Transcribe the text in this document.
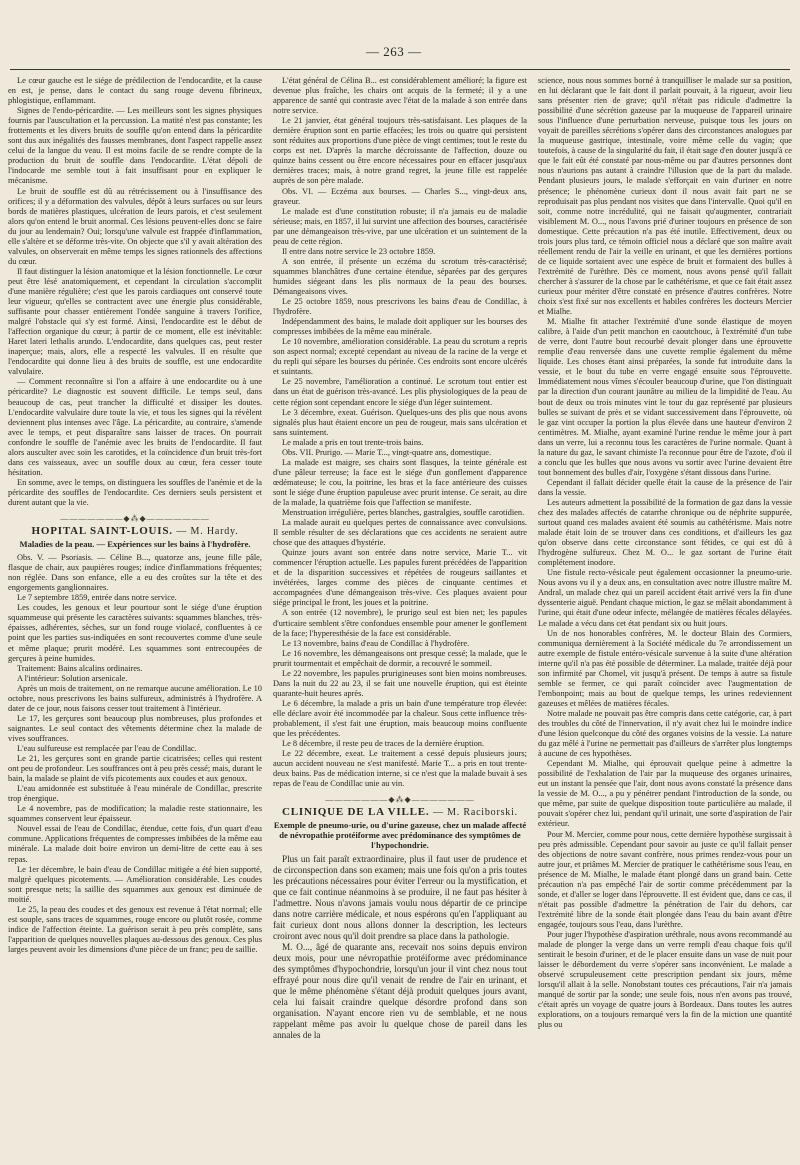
— 263 —

Le cœur gauche est le siége de prédilection de l'endocardite, et la cause en est, je pense, dans le contact du sang rouge devenu fibrineux, phlogistique, enflammant.

Signes de l'endo-péricardite. — Les meilleurs sont les signes physiques fournis par l'auscultation et la percussion. La matité n'est pas constante; les frottements et les divers bruits de souffle qu'on entend dans la péricardite sont dus aux inégalités des fausses membranes, dont l'aspect rappelle assez celui de la langue du veau. Il est moins facile de se rendre compte de la production du bruit de souffle dans l'endocardite. L'état dépoli de l'indocarde me semble tout à fait insuffisant pour en expliquer le mécanisme.

Le bruit de souffle est dû au rétrécissement ou à l'insuffisance des orifices; il y a déformation des valvules, dépôt à leurs surfaces ou sur leurs bords de matières plastiques, ulcération de leurs parois, et c'est seulement alors qu'on entend le bruit anormal. Ces lésions peuvent-elles donc se faire du jour au lendemain? Oui; lorsqu'une valvule est frappée d'inflammation, elle s'altère et se déforme très-vite. On objecte que s'il y avait altération des valvules, on observerait en même temps les signes rationnels des affections du cœur.

Il faut distinguer la lésion anatomique et la lésion fonctionnelle. Le cœur peut être lésé anatomiquement, et cependant la circulation s'accomplit d'une manière régulière; c'est que les parois cardiaques ont conservé toute leur vigueur, qu'elles se contractent avec une énergie plus considérable, suffisante pour chasser entièrement l'ondée sanguine à travers l'orifice, malgré l'obstacle qui s'y est formé. Ainsi, l'endocardite est le début de l'affection organique du cœur; à partir de ce moment, elle est inévitable: Haret lateri lethalis arundo. L'endocardite, dans quelques cas, peut rester inaperçue; mais, alors, elle a respecté les valvules. Il en résulte que l'endocardite qui donne lieu à des bruits de souffle, est une endocardite valvulaire.

— Comment reconnaître si l'on a affaire à une endocardite ou à une péricardite? Le diagnostic est souvent difficile. Le temps seul, dans beaucoup de cas, peut trancher la difficulté et dissiper les doutes. L'endocardite valvulaire dure toute la vie, et tous les signes qui la révèlent deviennent plus intenses avec l'âge. La péricardite, au contraire, s'amende avec le temps, et peut disparaître sans laisser de traces. On pourrait confondre le souffle de l'anémie avec les bruits de l'endocardite. Il faut alors ausculter avec soin les carotides, et la coïncidence d'un bruit très-fort dans ces vaisseaux, avec un souffle doux au cœur, fera cesser toute hésitation.

En somme, avec le temps, on distinguera les souffles de l'anémie et de la péricardite des souffles de l'endocardite. Ces derniers seuls persistent et durent autant que la vie.

———————◆⁂◆———————
HOPITAL SAINT-LOUIS. — M. Hardy.
Maladies de la peau. — Expériences sur les bains à l'hydrofère.

Obs. V. — Psoriasis. — Céline B..., quatorze ans, jeune fille pâle, flasque de chair, aux paupières rouges; indice d'inflammations fréquentes; non réglée. Dans son enfance, elle a eu des croûtes sur la tête et des engorgements ganglionnaires.

Le 7 septembre 1859, entrée dans notre service.

Les coudes, les genoux et leur pourtour sont le siége d'une éruption squammeuse qui présente les caractères suivants: squammes blanches, très-épaisses, adhérentes, sèches, sur un fond rouge violacé, confluentes à ce point que les parties sus-indiquées en sont recouvertes comme d'une seule et même plaque; prurit modéré. Les squammes sont entrecoupées de gerçures à peine humides.

Traitement: Bains alcalins ordinaires.

A l'intérieur: Solution arsenicale.

Après un mois de traitement, on ne remarque aucune amélioration. Le 10 octobre, nous prescrivons les bains sulfureux, administrés à l'hydrofère. A dater de ce jour, nous faisons cesser tout traitement à l'intérieur.

Le 17, les gerçures sont beaucoup plus nombreuses, plus profondes et saignantes. Le seul contact des vêtements détermine chez la malade de vives souffrances.

L'eau sulfureuse est remplacée par l'eau de Condillac.

Le 21, les gerçures sont en grande partie cicatrisées; celles qui restent ont peu de profondeur. Les souffrances ont à peu près cessé; mais, durant le bain, la malade se plaint de vifs picotements aux coudes et aux genoux.

L'eau amidonnée est substituée à l'eau minérale de Condillac, prescrite trop énergique.

Le 4 novembre, pas de modification; la maladie reste stationnaire, les squammes conservent leur épaisseur.

Nouvel essai de l'eau de Condillac, étendue, cette fois, d'un quart d'eau commune. Applications fréquentes de compresses imbibées de la même eau minérale. La malade doit boire environ un demi-litre de cette eau à ses repas.

Le 1er décembre, le bain d'eau de Condillac mitigée a été bien supporté, malgré quelques picotements. — Amélioration considérable. Les coudes sont presque nets; la saillie des squammes aux genoux est diminuée de moitié.

Le 25, la peau des coudes et des genoux est revenue à l'état normal; elle est souple, sans traces de squammes, rouge encore ou plutôt rosée, comme indice de l'affection éteinte. La guérison serait à peu près complète, sans l'apparition de quelques nouvelles plaques au-dessous des genoux. Ces plus larges peuvent avoir les dimensions d'une pièce de un franc; peu de saillie.

L'état général de Célina B... est considérablement amélioré; la figure est devenue plus fraîche, les chairs ont acquis de la fermeté; il y a une apparence de santé qui contraste avec l'état de la malade à son entrée dans notre service.

Le 21 janvier, état général toujours très-satisfaisant. Les plaques de la dernière éruption sont en partie effacées; les trois ou quatre qui persistent sont réduites aux proportions d'une pièce de vingt centimes; tout le reste du corps est net. D'après la marche décroissante de l'affection, douze ou quinze bains cessent ou être encore nécessaires pour en effacer jusqu'aux dernières traces; mais, à notre grand regret, la jeune fille est rappelée auprès de son père malade.

Obs. VI. — Eczéma aux bourses. — Charles S..., vingt-deux ans, graveur.

Le malade est d'une constitution robuste; il n'a jamais eu de maladie sérieuse; mais, en 1857, il lui survint une affection des bourses, caractérisée par une démangeaison très-vive, par une ulcération et un suintement de la peau de cette région.

Il entre dans notre service le 23 octobre 1859.

A son entrée, il présente un eczéma du scrotum très-caractérisé; squammes blanchâtres d'une certaine étendue, séparées par des gerçures humides siégeant dans les plis normaux de la peau des bourses. Démangeaisons vives.

Le 25 octobre 1859, nous prescrivons les bains d'eau de Condillac, à l'hydrofère.

Indépendamment des bains, le malade doit appliquer sur les bourses des compresses imbibées de la même eau minérale.

Le 10 novembre, amélioration considérable. La peau du scrotum a repris son aspect normal; excepté cependant au niveau de la racine de la verge et du repli qui sépare les bourses du périnée. Ces endroits sont encore ulcérés et suintants.

Le 25 novembre, l'amélioration a continué. Le scrotum tout entier est dans un état de guérison très-avancé. Les plis physiologiques de la peau de cette région sont cependant encore le siége d'un léger suintement.

Le 3 décembre, exeat. Guérison. Quelques-uns des plis que nous avons signalés plus haut étaient encore un peu de rougeur, mais sans ulcération et sans suintement.

Le malade a pris en tout trente-trois bains.

Obs. VII. Prurigo. — Marie T..., vingt-quatre ans, domestique.

La malade est maigre, ses chairs sont flasques, la teinte générale est d'une pâleur terreuse; la face est le siége d'un gonflement d'apparence œdémateuse; le cou, la poitrine, les bras et la face antérieure des cuisses sont le siége d'une éruption papuleuse avec prurit intense. Ce serait, au dire de la malade, la quatrième fois que l'affection se manifeste.

Menstruation irrégulière, pertes blanches, gastralgies, souffle carotidien.

La malade aurait eu quelques pertes de connaissance avec convulsions. Il semble résulter de ses déclarations que ces accidents ne seraient autre chose que des attaques d'hystérie.

Quinze jours avant son entrée dans notre service, Marie T... vit commencer l'éruption actuelle. Les papules furent précédées de l'apparition et de la disparition successives et répétées de rougeurs saillantes et invétérées, larges comme des pièces de cinquante centimes et accompagnées d'une démangeaison très-vive. Ces plaques avaient pour siége principal le front, les joues et la poitrine.

A son entrée (12 novembre), le prurigo seul est bien net; les papules d'urticaire semblent s'être confondues ensemble pour amener le gonflement de la face; l'hyperesthésie de la face est considérable.

Le 13 novembre, bains d'eau de Condillac à l'hydrofère.

Le 16 novembre, les démangeaisons ont presque cessé; la malade, que le prurit tourmentait et empêchait de dormir, a recouvré le sommeil.

Le 22 novembre, les papules prurigineuses sont bien moins nombreuses. Dans la nuit du 22 au 23, il se fait une nouvelle éruption, qui est éteinte quarante-huit heures après.

Le 6 décembre, la malade a pris un bain d'une température trop élevée: elle déclare avoir été incommodée par la chaleur. Sous cette influence très-probablement, il s'est fait une éruption, mais beaucoup moins confluente que les précédentes.

Le 8 décembre, il reste peu de traces de la dernière éruption.

Le 22 décembre, exeat. Le traitement a cessé depuis plusieurs jours; aucun accident nouveau ne s'est manifesté. Marie T... a pris en tout trente-deux bains. Pas de médication interne, si ce n'est que la malade buvait à ses repas de l'eau de Condillac unie au vin.

———————◆⁂◆———————
CLINIQUE DE LA VILLE. — M. Raciborski.
Exemple de pneumo-urie, ou d'urine gazeuse, chez un malade affecté de névropathie protéiforme avec prédominance des symptômes de l'hypochondrie.

Plus un fait paraît extraordinaire, plus il faut user de prudence et de circonspection dans son examen; mais une fois qu'on a pris toutes les précautions nécessaires pour éviter l'erreur ou la mystification, et que ce fait continue néanmoins à se produire, il ne faut pas hésiter à l'admettre. Nous n'avons jamais voulu nous départir de ce principe dans notre carrière médicale, et nous espérons qu'en l'appliquant au fait curieux dont nous allons donner la description, les lecteurs croiront avec nous qu'il doit prendre sa place dans la pathologie.

M. O..., âgé de quarante ans, recevait nos soins depuis environ deux mois, pour une névropathie protéiforme avec prédominance des symptômes d'hypochondrie, lorsqu'un jour il vint chez nous tout effrayé pour nous dire qu'il venait de rendre de l'air en urinant, et que le même phénomène s'étant déjà produit quelques jours avant, cela lui faisait craindre quelque désordre profond dans son organisation. N'ayant encore rien vu de semblable, et ne nous rappelant même pas avoir lu quelque chose de pareil dans les annales de la

science, nous nous sommes borné à tranquilliser le malade sur sa position, en lui déclarant que le fait dont il parlait pouvait, à la rigueur, avoir lieu sans présenter rien de grave; qu'il n'était pas ridicule d'admettre la possibilité d'une sécrétion gazeuse par la muqueuse de l'appareil urinaire sous l'influence d'une perturbation nerveuse, puisque tous les jours on voyait de pareilles sécrétions s'opérer dans des circonstances analogues par la muqueuse gastrique, intestinale, voire même celle du vagin; que toutefois, à cause de la singularité du fait, il était sage d'en douter jusqu'à ce que le fait eût été constaté par nous-même ou par d'autres personnes dont nous n'aurions pas autant à craindre l'illusion que de la part du malade. Pendant plusieurs jours, le malade s'efforçait en vain d'uriner en notre présence; le phénomène curieux dont il nous avait fait part ne se reproduisait pas plus pendant nos visites que dans l'intervalle. Quoi qu'il en soit, comme notre incrédulité, qui ne faisait qu'augmenter, contrariait visiblement M. O..., nous l'avons prié d'uriner toujours en présence de son domestique. Cette précaution n'a pas été inutile. Effectivement, deux ou trois jours plus tard, ce témoin officiel nous a déclaré que son maître avait réellement rendu de l'air la veille en urinant, et que les dernières portions de ce liquide sortaient avec une espèce de bruit et formaient des bulles à l'extrémité de l'urèthre. Dès ce moment, nous avons pensé qu'il fallait chercher à s'assurer de la chose par le cathétérisme, et que ce fait était assez curieux pour mériter d'être constaté en présence d'autres confrères. Notre choix s'est fixé sur nos excellents et habiles confrères les docteurs Mercier et Mialhe.

M. Mialhe fit attacher l'extrémité d'une sonde élastique de moyen calibre, à l'aide d'un petit manchon en caoutchouc, à l'extrémité d'un tube de verre, dont l'autre bout recourbé devait plonger dans une éprouvette remplie d'eau renversée dans une cuvette remplie également du même liquide. Les choses étant ainsi préparées, la sonde fut introduite dans la vessie, et le bout du tube en verre engagé ensuite sous l'éprouvette. Immédiatement nous vîmes s'écouler beaucoup d'urine, que l'on distinguait par la direction d'un courant jaunâtre au milieu de la limpidité de l'eau. Au bout de deux ou trois minutes vint le tour du gaz représenté par plusieurs bulles se suivant de près et se vidant successivement dans l'éprouvette, où le gaz vint occuper la portion la plus élevée dans une hauteur d'environ 2 centimètres. M. Mialhe, ayant examiné l'urine rendue le même jour à part dans un verre, lui a reconnu tous les caractères de l'urine normale. Quant à la nature du gaz, le savant chimiste l'a reconnue pour être de l'azote, d'où il a conclu que les bulles que nous avons vu sortir avec l'urine devaient être tout bonnement des bulles d'air, l'oxygène s'étant dissous dans l'urine.

Cependant il fallait décider quelle était la cause de la présence de l'air dans la vessie.

Les auteurs admettent la possibilité de la formation de gaz dans la vessie chez des malades affectés de catarrhe chronique ou de néphrite suppurée, surtout quand ces malades avaient été soumis au cathétérisme. Mais notre malade était loin de se trouver dans ces conditions, et d'ailleurs les gaz qu'on observe dans cette circonstance sont fétides, ce qui est dû à l'hydrogène sulfureux. Chez M. O... le gaz sortant de l'urine était complétement inodore.

Une fistule recto-vésicale peut également occasionner la pneumo-urie. Nous avons vu il y a deux ans, en consultation avec notre illustre maître M. Andral, un malade chez qui un pareil accident était arrivé vers la fin d'une dyssenterie aiguë. Pendant chaque miction, le gaz se mêlait abondamment à l'urine, qui était d'une odeur infecte, mélangée de matières fécales délayées. Le malade a vécu dans cet état pendant six ou huit jours.

Un de nos honorables confrères, M. le docteur Blain des Cormiers, communiqua dernièrement à la Société médicale du 7e arrondissement un autre exemple de fistule entéro-vésicale survenue à la suite d'une altération interne qu'il n'a pas été possible de déterminer. La malade, traitée déjà pour son infirmité par Chomel, vit jusqu'à présent. De temps à autre sa fistule semble se fermer, ce qui paraît coïncider avec l'augmentation de l'embonpoint; mais au bout de quelque temps, les urines redeviennent gazeuses et mêlées de matières fécales.

Notre malade ne pouvait pas être compris dans cette catégorie, car, à part des troubles du côté de l'innervation, il n'y avait chez lui le moindre indice d'une lésion quelconque du côté des organes voisins de la vessie. La nature du gaz mêlé à l'urine ne permettait pas d'ailleurs de s'arrêter plus longtemps à aucune de ces hypothèses.

Cependant M. Mialhe, qui éprouvait quelque peine à admettre la possibilité de l'exhalation de l'air par la muqueuse des organes urinaires, eut un instant la pensée que l'air, dont nous avons constaté la présence dans la vessie de M. O..., a pu y pénétrer pendant l'introduction de la sonde, ou que même, par suite de quelque disposition toute particulière au malade, il pouvait s'opérer chez lui, pendant qu'il urinait, une sorte d'aspiration de l'air extérieur.

Pour M. Mercier, comme pour nous, cette dernière hypothèse surgissait à peu près admissible. Cependant pour savoir au juste ce qu'il fallait penser des objections de notre savant confrère, nous primes rendez-vous pour un autre jour, et priâmes M. Mercier de pratiquer le cathétérisme sous l'eau, en présence de M. Mialhe, le malade étant plongé dans un grand bain. Cette précaution n'a pas empêché l'air de sortir comme précédemment par la sonde, et d'aller se loger dans l'éprouvette. Il est évident que, dans ce cas, il n'était pas possible d'admettre la pénétration de l'air du dehors, car l'extrémité libre de la sonde était plongée dans l'eau du bain avant d'être engagée, toujours sous l'eau, dans l'urèthre.

Pour juger l'hypothèse d'aspiration uréthrale, nous avons recommandé au malade de plonger la verge dans un verre rempli d'eau chaque fois qu'il sentirait le besoin d'uriner, et de le placer ensuite dans un vase de nuit pour laisser le débordement du verre s'opérer sans inconvénient. Le malade a observé scrupuleusement cette prescription pendant six jours, même lorsqu'il allait à la selle. Nonobstant toutes ces précautions, l'air n'a jamais manqué de sortir par la sonde; une seule fois, nous n'en avons pas trouvé, c'était après un voyage de quatre jours à Bordeaux. Dans toutes les autres explorations, on a toujours remarqué vers la fin de la miction une quantité plus ou
